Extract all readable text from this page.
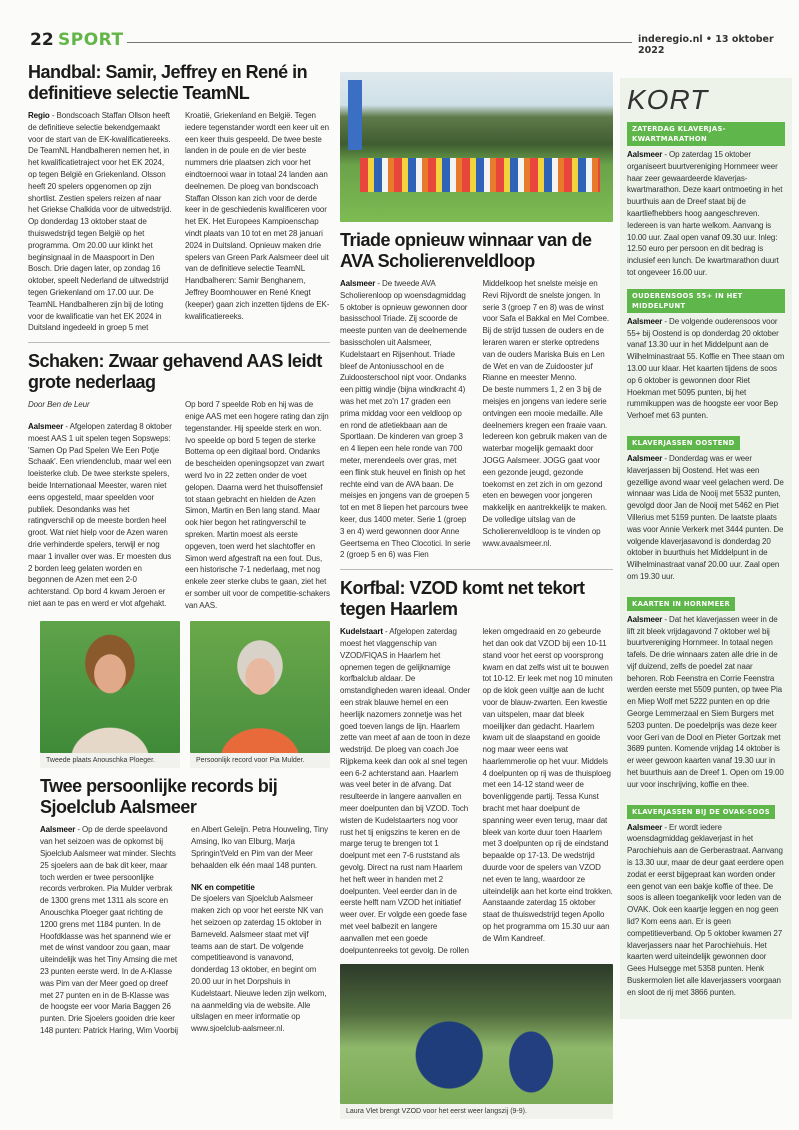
22 SPORT	inderegio.nl • 13 oktober 2022
Handbal: Samir, Jeffrey en René in definitieve selectie TeamNL

Regio - Bondscoach Staffan Ollson heeft de definitieve selectie bekendgemaakt voor de start van de EK-kwalificatiereeks. De TeamNL Handbalheren nemen het, in het kwalificatietraject voor het EK 2024, op tegen België en Griekenland. Olsson heeft 20 spelers opgenomen op zijn shortlist. Zestien spelers reizen af naar het Griekse Chalkida voor de uitwedstrijd. Op donderdag 13 oktober staat de thuiswedstrijd tegen België op het programma. Om 20.00 uur klinkt het beginsignaal in de Maaspoort in Den Bosch. Drie dagen later, op zondag 16 oktober, speelt Nederland de uitwedstrijd tegen Griekenland om 17.00 uur. De TeamNL Handbalheren zijn bij de loting voor de kwalificatie van het EK 2024 in Duitsland ingedeeld in groep 5 met Kroatië, Griekenland en België. Tegen iedere tegenstander wordt een keer uit en een keer thuis gespeeld. De twee beste landen in de poule en de vier beste nummers drie plaatsen zich voor het eindtoernooi waar in totaal 24 landen aan deelnemen. De ploeg van bondscoach Staffan Olsson kan zich voor de derde keer in de geschiedenis kwalificeren voor het EK. Het Europees Kampioenschap vindt plaats van 10 tot en met 28 januari 2024 in Duitsland. Opnieuw maken drie spelers van Green Park Aalsmeer deel uit van de definitieve selectie TeamNL Handbalheren: Samir Benghanem, Jeffrey Boomhouwer en René Knegt (keeper) gaan zich inzetten tijdens de EK-kwalificatiereeks.

Schaken: Zwaar gehavend AAS leidt grote nederlaag

Door Ben de Leur

Aalsmeer - Afgelopen zaterdag 8 oktober moest AAS 1 uit spelen tegen Sopsweps: 'Samen Op Pad Spelen We Een Potje Schaak'. Een vriendenclub, maar wel een loeisterke club. De twee sterkste spelers, beide Internationaal Meester, waren niet eens opgesteld, maar speelden voor publiek. Desondanks was het ratingverschil op de meeste borden heel groot. Wat niet hielp voor de Azen waren drie verhinderde spelers, terwijl er nog maar 1 invaller over was. Er moesten dus 2 borden leeg gelaten worden en begonnen de Azen met een 2-0 achterstand. Op bord 4 kwam Jeroen er niet aan te pas en werd er vlot afgehakt. Op bord 7 speelde Rob en hij was de enige AAS met een hogere rating dan zijn tegenstander. Hij speelde sterk en won. Ivo speelde op bord 5 tegen de sterke Bottema op een digitaal bord. Ondanks de bescheiden openingsopzet van zwart werd Ivo in 22 zetten onder de voet gelopen. Daarna werd het thuisoffensief tot staan gebracht en hielden de Azen Simon, Martin en Ben lang stand. Maar ook hier begon het ratingverschil te spreken. Martin moest als eerste opgeven, toen werd het slachtoffer en Simon werd afgestraft na een fout. Dus, een historische 7-1 nederlaag, met nog enkele zeer sterke clubs te gaan, ziet het er somber uit voor de competitie-schakers van AAS.

Tweede plaats Anouschka Ploeger.	Persoonlijk record voor Pia Mulder.
Twee persoonlijke records bij Sjoelclub Aalsmeer

Aalsmeer - Op de derde speelavond van het seizoen was de opkomst bij Sjoelclub Aalsmeer wat minder. Slechts 25 sjoelers aan de bak dit keer, maar toch werden er twee persoonlijke records verbroken. Pia Mulder verbrak de 1300 grens met 1311 als score en Anouschka Ploeger gaat richting de 1200 grens met 1184 punten. In de Hoofdklasse was het spannend wie er met de winst vandoor zou gaan, maar uiteindelijk was het Tiny Amsing die met 23 punten eerste werd. In de A-Klasse was Pim van der Meer goed op dreef met 27 punten en in de B-Klasse was de hoogste eer voor Maria Baggen 26 punten. Drie Sjoelers gooiden drie keer 148 punten: Patrick Haring, Wim Voorbij en Albert Geleijn. Petra Houweling, Tiny Amsing, Iko van Elburg, Marja Springin'tVeld en Pim van der Meer behaalden elk één maal 148 punten.

NK en competitie

De sjoelers van Sjoelclub Aalsmeer maken zich op voor het eerste NK van het seizoen op zaterdag 15 oktober in Barneveld. Aalsmeer staat met vijf teams aan de start. De volgende competitieavond is vanavond, donderdag 13 oktober, en begint om 20.00 uur in het Dorpshuis in Kudelstaart. Nieuwe leden zijn welkom, na aanmelding via de website. Alle uitslagen en meer informatie op www.sjoelclub-aalsmeer.nl.

Triade opnieuw winnaar van de AVA Scholierenveldloop

Aalsmeer - De tweede AVA Scholierenloop op woensdagmiddag 5 oktober is opnieuw gewonnen door basisschool Triade. Zij scoorde de meeste punten van de deelnemende basisscholen uit Aalsmeer, Kudelstaart en Rijsenhout. Triade bleef de Antoniusschool en de Zuidoosterschool nipt voor. Ondanks een pittig windje (bijna windkracht 4) was het met zo'n 17 graden een prima middag voor een veldloop op en rond de atletiekbaan aan de Sportlaan. De kinderen van groep 3 en 4 liepen een hele ronde van 700 meter, merendeels over gras, met een flink stuk heuvel en finish op het rechte eind van de AVA baan. De meisjes en jongens van de groepen 5 tot en met 8 liepen het parcours twee keer, dus 1400 meter. Serie 1 (groep 3 en 4) werd gewonnen door Anne Geertsema en Theo Clocotici. In serie 2 (groep 5 en 6) was Fien Middelkoop het snelste meisje en Revi Rijvordt de snelste jongen. In serie 3 (groep 7 en 8) was de winst voor Safa el Bakkal en Mel Combee. Bij de strijd tussen de ouders en de leraren waren er sterke optredens van de ouders Mariska Buis en Len de Wet en van de Zuidooster juf Rianne en meester Menno.

De beste nummers 1, 2 en 3 bij de meisjes en jongens van iedere serie ontvingen een mooie medaille. Alle deelnemers kregen een fraaie vaan. Iedereen kon gebruik maken van de waterbar mogelijk gemaakt door JOGG Aalsmeer. JOGG gaat voor een gezonde jeugd, gezonde toekomst en zet zich in om gezond eten en bewegen voor jongeren makkelijk en aantrekkelijk te maken. De volledige uitslag van de Scholierenveldloop is te vinden op www.avaalsmeer.nl.

Korfbal: VZOD komt net tekort tegen Haarlem

Kudelstaart - Afgelopen zaterdag moest het vlaggenschip van VZOD/FIQAS in Haarlem het opnemen tegen de gelijknamige korfbalclub aldaar. De omstandigheden waren ideaal. Onder een strak blauwe hemel en een heerlijk nazomers zonnetje was het goed toeven langs de lijn. Haarlem zette van meet af aan de toon in deze wedstrijd. De ploeg van coach Joe Rijpkema keek dan ook al snel tegen een 6-2 achterstand aan. Haarlem was veel beter in de afvang. Dat resulteerde in langere aanvallen en meer doelpunten dan bij VZOD. Toch wisten de Kudelstaarters nog voor rust het tij enigszins te keren en de marge terug te brengen tot 1 doelpunt met een 7-6 ruststand als gevolg. Direct na rust nam Haarlem het heft weer in handen met 2 doelpunten. Veel eerder dan in de eerste helft nam VZOD het initiatief weer over. Er volgde een goede fase met veel balbezit en langere aanvallen met een goede doelpuntenreeks tot gevolg. De rollen leken omgedraaid en zo gebeurde het dan ook dat VZOD bij een 10-11 stand voor het eerst op voorsprong kwam en dat zelfs wist uit te bouwen tot 10-12. Er leek met nog 10 minuten op de klok geen vuiltje aan de lucht voor de blauw-zwarten. Een kwestie van uitspelen, maar dat bleek moeilijker dan gedacht. Haarlem kwam uit de slaapstand en gooide nog maar weer eens wat haarlemmerolie op het vuur. Middels 4 doelpunten op rij was de thuisploeg met een 14-12 stand weer de bovenliggende partij. Tessa Kunst bracht met haar doelpunt de spanning weer even terug, maar dat bleek van korte duur toen Haarlem met 3 doelpunten op rij de eindstand bepaalde op 17-13. De wedstrijd duurde voor de spelers van VZOD net even te lang, waardoor ze uiteindelijk aan het korte eind trokken.

Aanstaande zaterdag 15 oktober staat de thuiswedstrijd tegen Apollo op het programma om 15.30 uur aan de Wim Kandreef.

Laura Vlet brengt VZOD voor het eerst weer langszij (9-9).
KORT
ZATERDAG KLAVERJAS-KWARTMARATHON
Aalsmeer - Op zaterdag 15 oktober organiseert buurtvereniging Hornmeer weer haar zeer gewaardeerde klaverjas-kwartmarathon. Deze kaart ontmoeting in het buurthuis aan de Dreef staat bij de kaartliefhebbers hoog aangeschreven. Iedereen is van harte welkom. Aanvang is 10.00 uur. Zaal open vanaf 09.30 uur. Inleg: 12.50 euro per persoon en dit bedrag is inclusief een lunch. De kwartmarathon duurt tot ongeveer 16.00 uur.
OUDERENSOOS 55+ IN HET MIDDELPUNT
Aalsmeer - De volgende ouderensoos voor 55+ bij Oostend is op donderdag 20 oktober vanaf 13.30 uur in het Middelpunt aan de Wilhelminastraat 55. Koffie en Thee staan om 13.00 uur klaar. Het kaarten tijdens de soos op 6 oktober is gewonnen door Riet Hoekman met 5095 punten, bij het rummikuppen was de hoogste eer voor Bep Verhoef met 63 punten.
KLAVERJASSEN OOSTEND
Aalsmeer - Donderdag was er weer klaverjassen bij Oostend. Het was een gezellige avond waar veel gelachen werd. De winnaar was Lida de Nooij met 5532 punten, gevolgd door Jan de Nooij met 5462 en Piet Villerius met 5159 punten. De laatste plaats was voor Annie Verkerk met 3444 punten. De volgende klaverjasavond is donderdag 20 oktober in buurthuis het Middelpunt in de Wilhelminastraat vanaf 20.00 uur. Zaal open om 19.30 uur.
KAARTEN IN HORNMEER
Aalsmeer - Dat het klaverjassen weer in de lift zit bleek vrijdagavond 7 oktober wel bij buurtvereniging Hornmeer. In totaal negen tafels. De drie winnaars zaten alle drie in de vijf duizend, zelfs de poedel zat naar behoren. Rob Feenstra en Corrie Feenstra werden eerste met 5509 punten, op twee Pia en Miep Wolf met 5222 punten en op drie George Lemmerzaal en Siem Burgers met 5203 punten. De poedelprijs was deze keer voor Geri van de Dool en Pieter Gortzak met 3689 punten. Komende vrijdag 14 oktober is er weer gewoon kaarten vanaf 19.30 uur in het buurthuis aan de Dreef 1. Open om 19.00 uur voor inschrijving, koffie en thee.
KLAVERJASSEN BIJ DE OVAK-SOOS
Aalsmeer - Er wordt iedere woensdagmiddag geklaverjast in het Parochiehuis aan de Gerberastraat. Aanvang is 13.30 uur, maar de deur gaat eerdere open zodat er eerst bijgepraat kan worden onder een genot van een bakje koffie of thee. De soos is alleen toegankelijk voor leden van de OVAK. Ook een kaartje leggen en nog geen lid? Kom eens aan. Er is geen competitieverband. Op 5 oktober kwamen 27 klaverjassers naar het Parochiehuis. Het kaarten werd uiteindelijk gewonnen door Gees Hulsegge met 5358 punten. Henk Buskermolen liet alle klaverjassers voorgaan en sloot de rij met 3866 punten.
